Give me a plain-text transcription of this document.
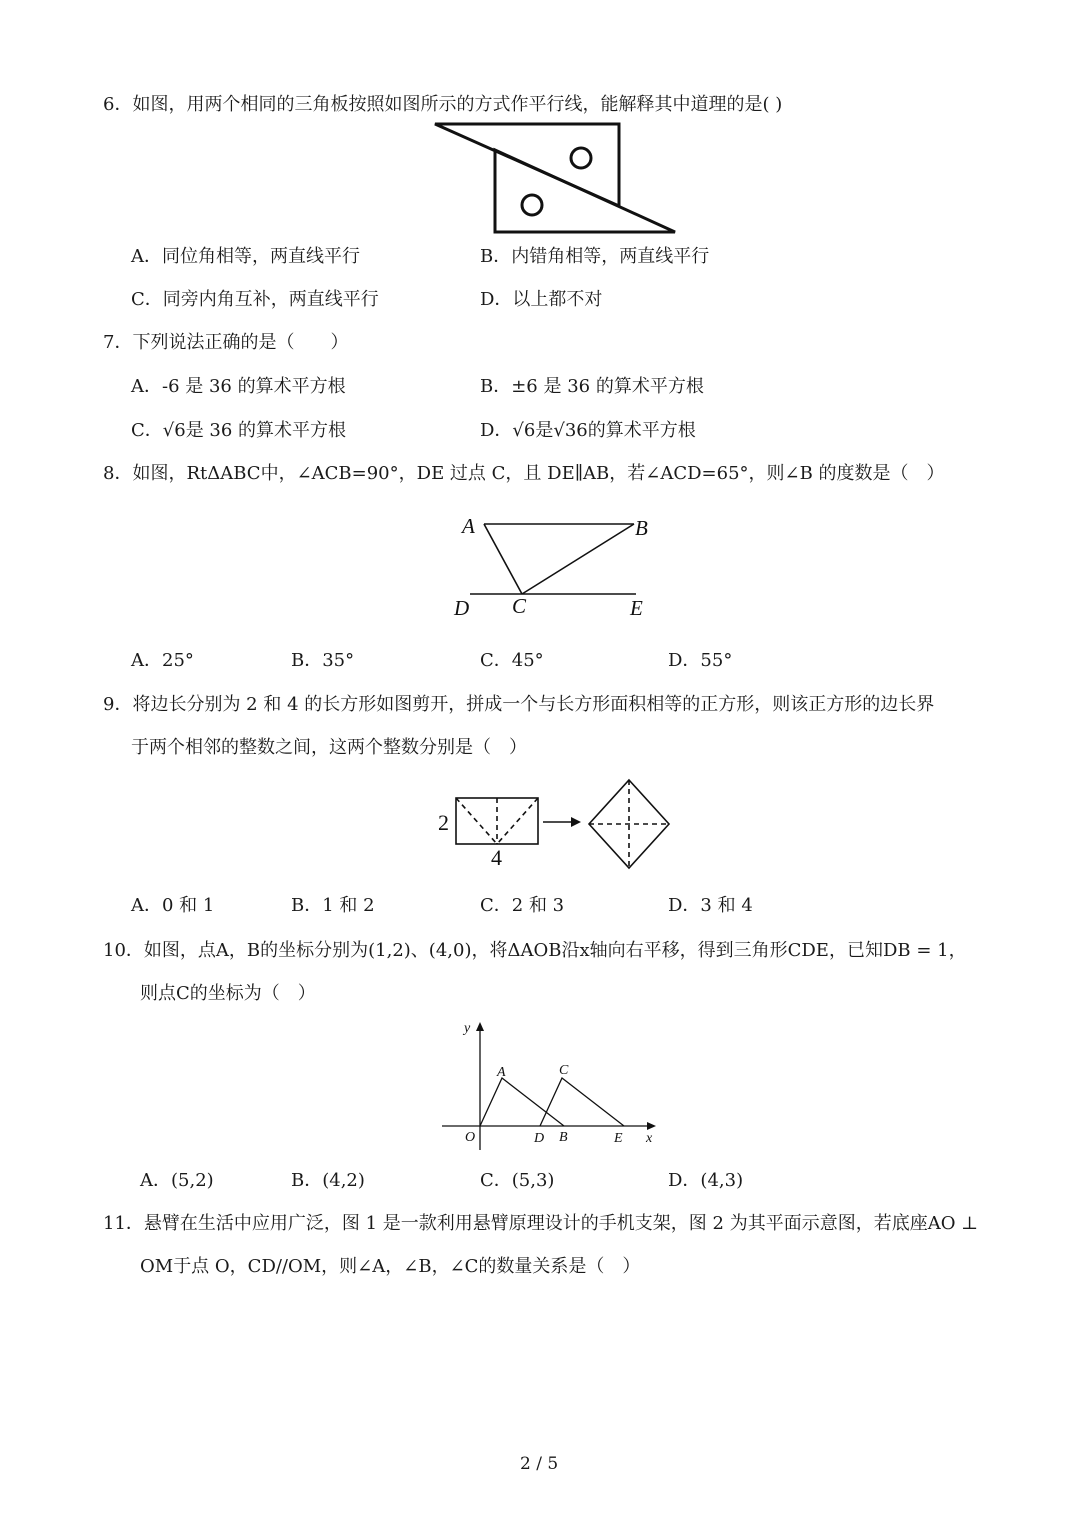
6．如图，用两个相同的三角板按照如图所示的方式作平行线，能解释其中道理的是( )
A．同位角相等，两直线平行	B．内错角相等，两直线平行
C．同旁内角互补，两直线平行	D．以上都不对
7．下列说法正确的是（　　）
A．-6 是 36 的算术平方根	B．±6 是 36 的算术平方根
C．√6是 36 的算术平方根	D．√6是√36的算术平方根
8．如图，RtΔABC中，∠ACB=90°，DE 过点 C，且 DE∥AB，若∠ACD=65°，则∠B 的度数是（　）
A	B
C
D	E
A．25°	B．35°	C．45°	D．55°
9．将边长分别为 2 和 4 的长方形如图剪开，拼成一个与长方形面积相等的正方形，则该正方形的边长界
于两个相邻的整数之间，这两个整数分别是（　）
2
4
A．0 和 1	B．1 和 2	C．2 和 3	D．3 和 4
10．如图，点A，B的坐标分别为(1,2)、(4,0)，将ΔAOB沿x轴向右平移，得到三角形CDE，已知DB = 1，
则点C的坐标为（　）
y
x
O
A	C
D B	E
A．(5,2)	B．(4,2)	C．(5,3)	D．(4,3)
11．悬臂在生活中应用广泛，图 1 是一款利用悬臂原理设计的手机支架，图 2 为其平面示意图，若底座AO ⊥
OM于点 O，CD//OM，则∠A，∠B，∠C的数量关系是（　）
2 / 5
